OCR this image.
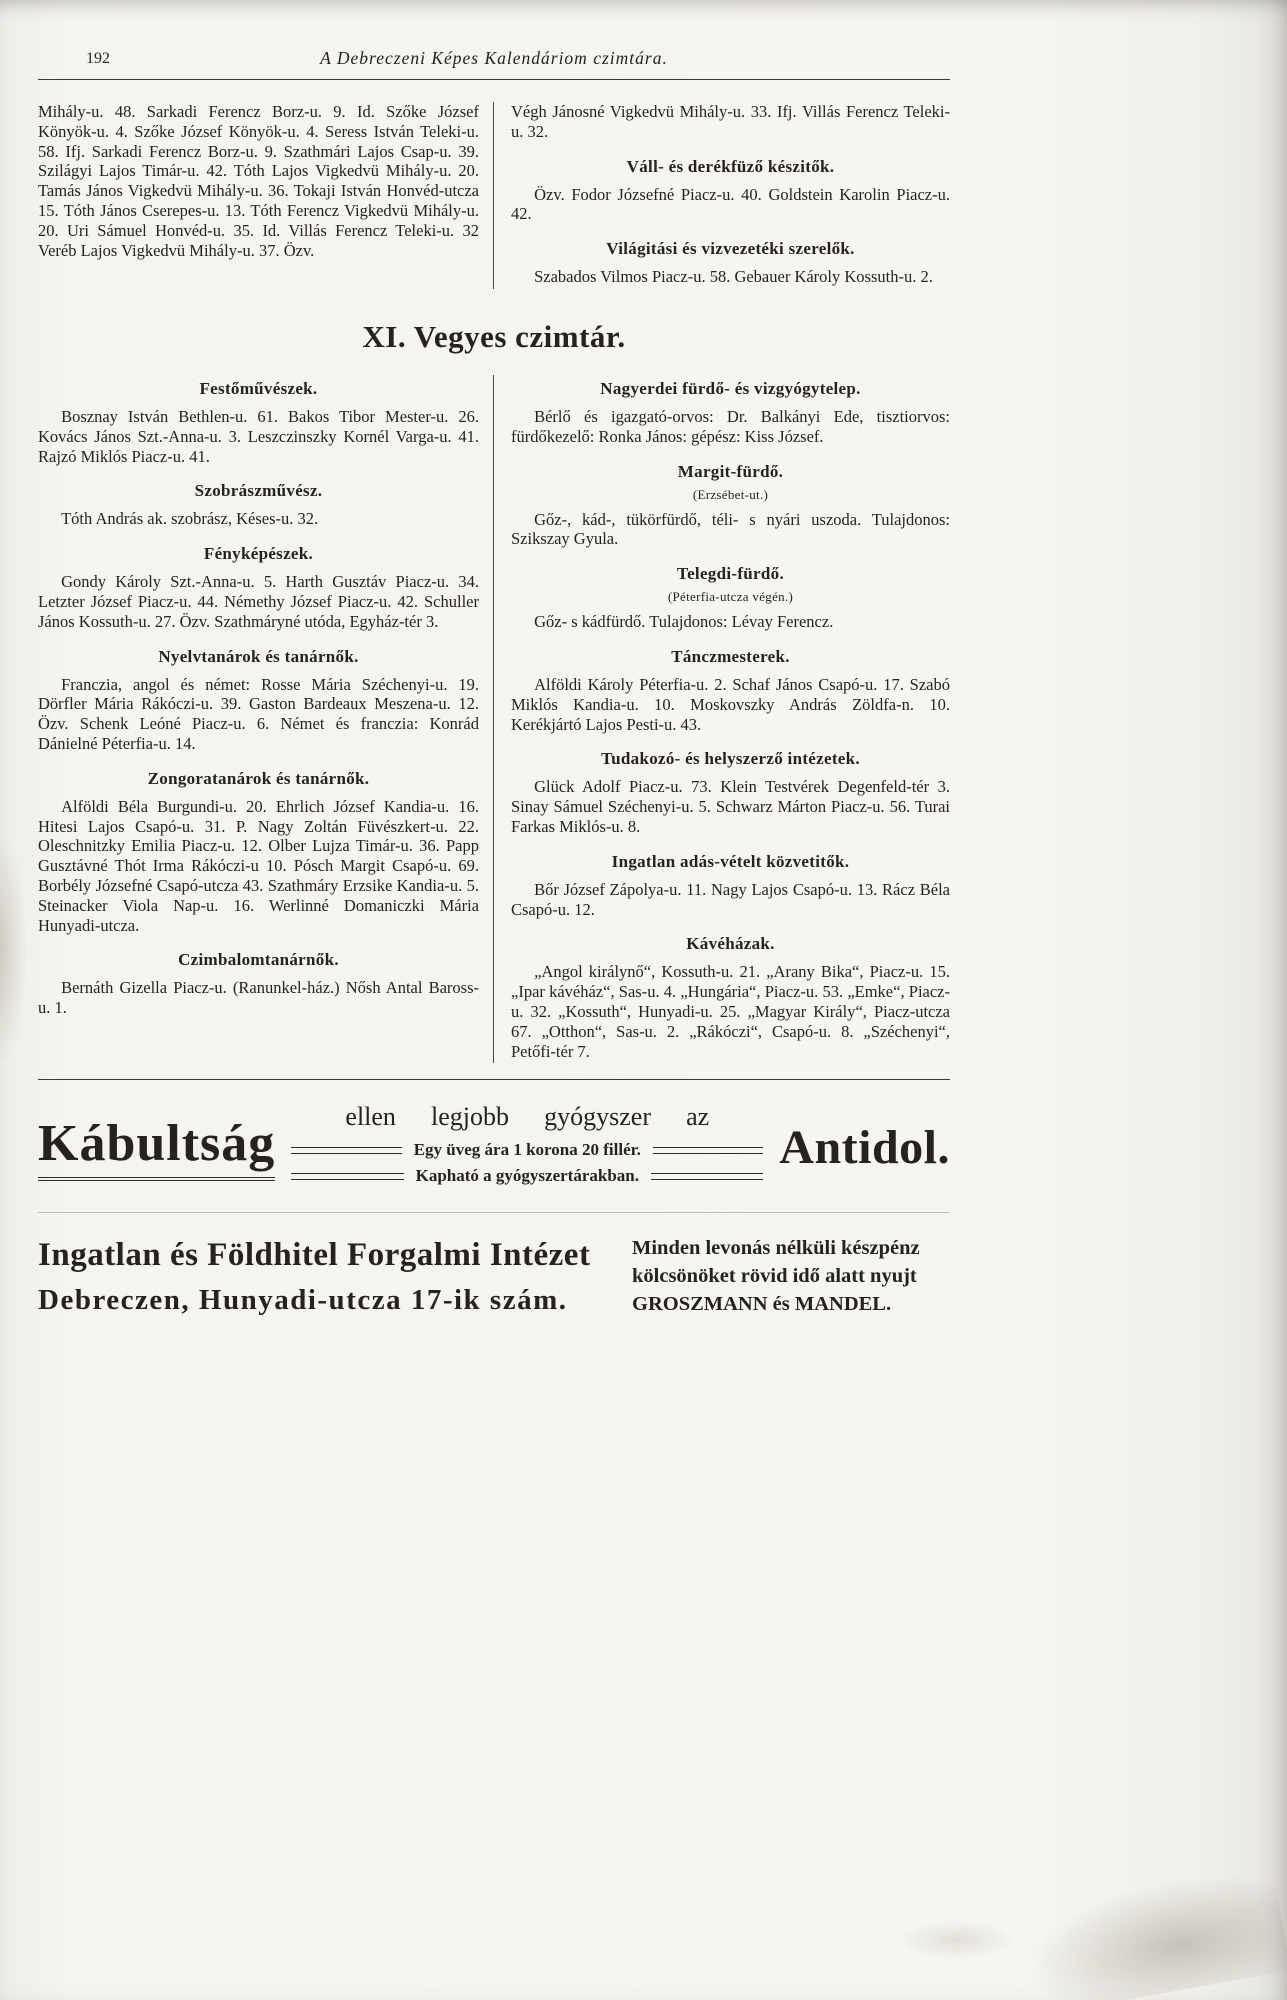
192	A Debreczeni Képes Kalendáriom czimtára.

Mihály-u. 48. Sarkadi Ferencz Borz-u. 9. Id. Szőke József Könyök-u. 4. Szőke József Könyök-u. 4. Seress István Teleki-u. 58. Ifj. Sarkadi Ferencz Borz-u. 9. Szathmári Lajos Csap-u. 39. Szilágyi Lajos Timár-u. 42. Tóth Lajos Vigkedvü Mihály-u. 20. Tamás János Vigkedvü Mihály-u. 36. Tokaji István Honvéd-utcza 15. Tóth János Cserepes-u. 13. Tóth Ferencz Vigkedvü Mihály-u. 20. Uri Sámuel Honvéd-u. 35. Id. Villás Ferencz Teleki-u. 32 Veréb Lajos Vigkedvü Mihály-u. 37. Özv.

Végh Jánosné Vigkedvü Mihály-u. 33. Ifj. Villás Ferencz Teleki-u. 32.

Váll- és derékfüző készitők.

Özv. Fodor Józsefné Piacz-u. 40. Goldstein Karolin Piacz-u. 42.

Világitási és vizvezetéki szerelők.

Szabados Vilmos Piacz-u. 58. Gebauer Károly Kossuth-u. 2.

XI. Vegyes czimtár.
Festőművészek.

Bosznay István Bethlen-u. 61. Bakos Tibor Mester-u. 26. Kovács János Szt.-Anna-u. 3. Leszczinszky Kornél Varga-u. 41. Rajzó Miklós Piacz-u. 41.

Szobrászművész.

Tóth András ak. szobrász, Késes-u. 32.

Fényképészek.

Gondy Károly Szt.-Anna-u. 5. Harth Gusztáv Piacz-u. 34. Letzter József Piacz-u. 44. Némethy József Piacz-u. 42. Schuller János Kossuth-u. 27. Özv. Szathmáryné utóda, Egyház-tér 3.

Nyelvtanárok és tanárnők.

Franczia, angol és német: Rosse Mária Széchenyi-u. 19. Dörfler Mária Rákóczi-u. 39. Gaston Bardeaux Meszena-u. 12. Özv. Schenk Leóné Piacz-u. 6. Német és franczia: Konrád Dánielné Péterfia-u. 14.

Zongoratanárok és tanárnők.

Alföldi Béla Burgundi-u. 20. Ehrlich József Kandia-u. 16. Hitesi Lajos Csapó-u. 31. P. Nagy Zoltán Füvészkert-u. 22. Oleschnitzky Emilia Piacz-u. 12. Olber Lujza Timár-u. 36. Papp Gusztávné Thót Irma Rákóczi-u 10. Pósch Margit Csapó-u. 69. Borbély Józsefné Csapó-utcza 43. Szathmáry Erzsike Kandia-u. 5. Steinacker Viola Nap-u. 16. Werlinné Domaniczki Mária Hunyadi-utcza.

Czimbalomtanárnők.

Bernáth Gizella Piacz-u. (Ranunkel-ház.) Nősh Antal Baross-u. 1.

Nagyerdei fürdő- és vizgyógytelep.

Bérlő és igazgató-orvos: Dr. Balkányi Ede, tisztiorvos: fürdőkezelő: Ronka János: gépész: Kiss József.

Margit-fürdő.
(Erzsébet-ut.)

Gőz-, kád-, tükörfürdő, téli- s nyári uszoda. Tulajdonos: Szikszay Gyula.

Telegdi-fürdő.
(Péterfia-utcza végén.)

Gőz- s kádfürdő. Tulajdonos: Lévay Ferencz.

Tánczmesterek.

Alföldi Károly Péterfia-u. 2. Schaf János Csapó-u. 17. Szabó Miklós Kandia-u. 10. Moskovszky András Zöldfa-n. 10. Kerékjártó Lajos Pesti-u. 43.

Tudakozó- és helyszerző intézetek.

Glück Adolf Piacz-u. 73. Klein Testvérek Degenfeld-tér 3. Sinay Sámuel Széchenyi-u. 5. Schwarz Márton Piacz-u. 56. Turai Farkas Miklós-u. 8.

Ingatlan adás-vételt közvetitők.

Bőr József Zápolya-u. 11. Nagy Lajos Csapó-u. 13. Rácz Béla Csapó-u. 12.

Kávéházak.

„Angol királynő“, Kossuth-u. 21. „Arany Bika“, Piacz-u. 15. „Ipar kávéház“, Sas-u. 4. „Hungária“, Piacz-u. 53. „Emke“, Piacz-u. 32. „Kossuth“, Hunyadi-u. 25. „Magyar Király“, Piacz-utcza 67. „Otthon“, Sas-u. 2. „Rákóczi“, Csapó-u. 8. „Széchenyi“, Petőfi-tér 7.

Kábultság	ellen legjobb gyógyszer az
Egy üveg ára 1 korona 20 fillér.
Kapható a gyógyszertárakban.
Antidol.
Ingatlan és Földhitel Forgalmi Intézet
Debreczen, Hunyadi-utcza 17-ik szám.
Minden levonás nélküli készpénz
kölcsönöket rövid idő alatt nyujt
GROSZMANN és MANDEL.
